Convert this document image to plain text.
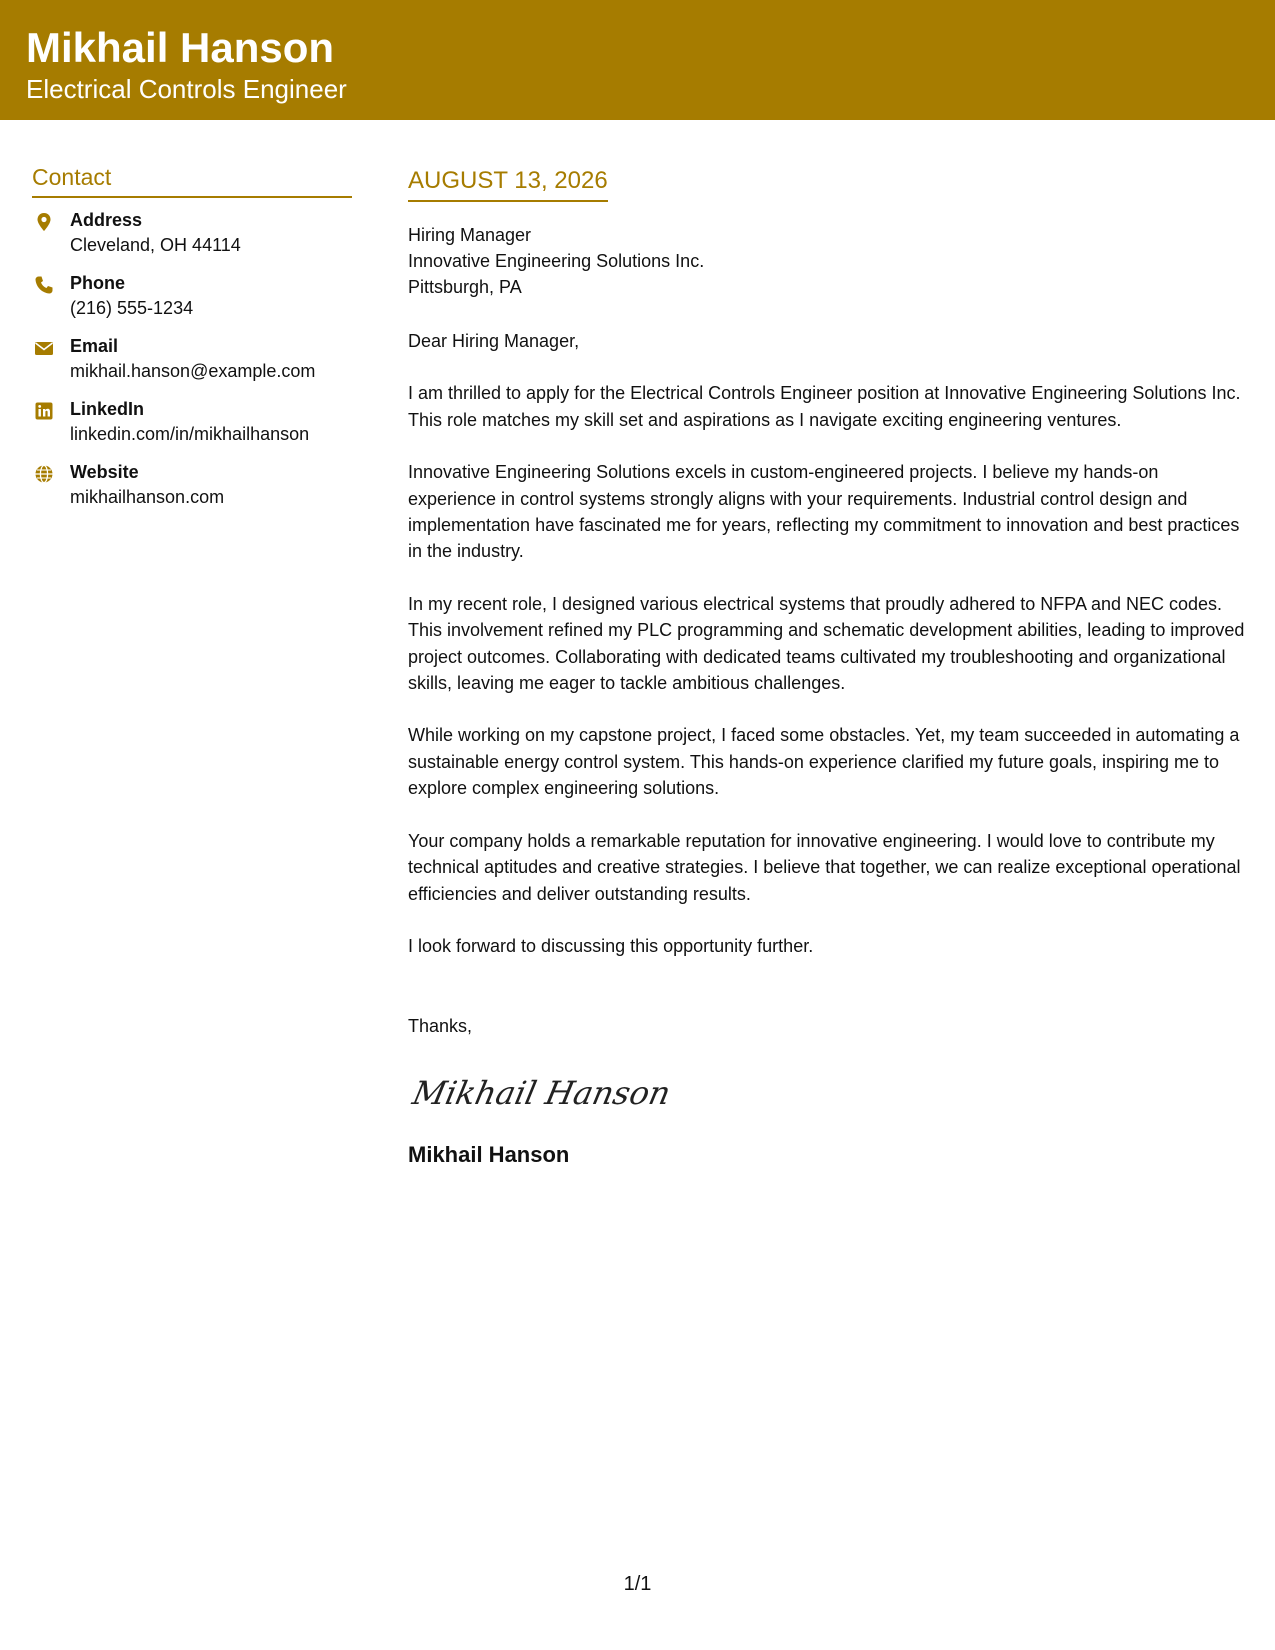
Mikhail Hanson
Electrical Controls Engineer
Contact
Address
Cleveland, OH 44114
Phone
(216) 555-1234
Email
mikhail.hanson@example.com
LinkedIn
linkedin.com/in/mikhailhanson
Website
mikhailhanson.com
AUGUST 13, 2026
Hiring Manager
Innovative Engineering Solutions Inc.
Pittsburgh, PA
Dear Hiring Manager,
I am thrilled to apply for the Electrical Controls Engineer position at Innovative Engineering Solutions Inc. This role matches my skill set and aspirations as I navigate exciting engineering ventures.
Innovative Engineering Solutions excels in custom-engineered projects. I believe my hands-on experience in control systems strongly aligns with your requirements. Industrial control design and implementation have fascinated me for years, reflecting my commitment to innovation and best practices in the industry.
In my recent role, I designed various electrical systems that proudly adhered to NFPA and NEC codes. This involvement refined my PLC programming and schematic development abilities, leading to improved project outcomes. Collaborating with dedicated teams cultivated my troubleshooting and organizational skills, leaving me eager to tackle ambitious challenges.
While working on my capstone project, I faced some obstacles. Yet, my team succeeded in automating a sustainable energy control system. This hands-on experience clarified my future goals, inspiring me to explore complex engineering solutions.
Your company holds a remarkable reputation for innovative engineering. I would love to contribute my technical aptitudes and creative strategies. I believe that together, we can realize exceptional operational efficiencies and deliver outstanding results.
I look forward to discussing this opportunity further.
Thanks,
Mikhail Hanson
Mikhail Hanson
1/1
